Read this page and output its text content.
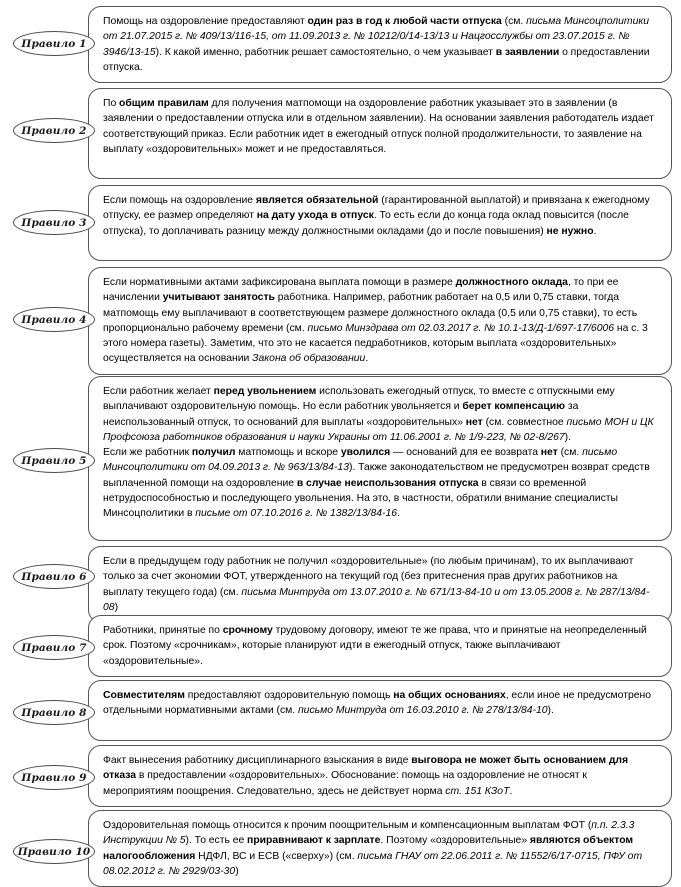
Помощь на оздоровление предоставляют один раз в год к любой части отпуска (см. письма Минсоцполитики от 21.07.2015 г. № 409/13/116-15, от 11.09.2013 г. № 10212/0/14-13/13 и Нацгосслужбы от 23.07.2015 г. № 3946/13-15). К какой именно, работник решает самостоятельно, о чем указывает в заявлении о предоставлении отпуска.

Правило 1

По общим правилам для получения матпомощи на оздоровление работник указывает это в заявлении (в заявлении о предоставлении отпуска или в отдельном заявлении). На основании заявления работодатель издает соответствующий приказ. Если работник идет в ежегодный отпуск полной продолжительности, то заявление на выплату «оздоровительных» может и не предоставляться.

Правило 2

Если помощь на оздоровление является обязательной (гарантированной выплатой) и привязана к ежегодному отпуску, ее размер определяют на дату ухода в отпуск. То есть если до конца года оклад повысится (после отпуска), то доплачивать разницу между должностными окладами (до и после повышения) не нужно.

Правило 3

Если нормативными актами зафиксирована выплата помощи в размере должностного оклада, то при ее начислении учитывают занятость работника. Например, работник работает на 0,5 или 0,75 ставки, тогда матпомощь ему выплачивают в соответствующем размере должностного оклада (0,5 или 0,75 ставки), то есть пропорционально рабочему времени (см. письмо Минздрава от 02.03.2017 г. № 10.1-13/Д-1/697-17/6006 на с. 3 этого номера газеты). Заметим, что это не касается педработников, которым выплата «оздоровительных» осуществляется на основании Закона об образовании.

Правило 4

Если работник желает перед увольнением использовать ежегодный отпуск, то вместе с отпускными ему выплачивают оздоровительную помощь. Но если работник увольняется и берет компенсацию за неиспользованный отпуск, то оснований для выплаты «оздоровительных» нет (см. совместное письмо МОН и ЦК Профсоюза работников образования и науки Украины от 11.06.2001 г. № 1/9-223, № 02-8/267).
Если же работник получил матпомощь и вскоре уволился — оснований для ее возврата нет (см. письмо Минсоцполитики от 04.09.2013 г. № 963/13/84-13). Также законодательством не предусмотрен возврат средств выплаченной помощи на оздоровление в случае неиспользования отпуска в связи со временной нетрудоспособностью и последующего увольнения. На это, в частности, обратили внимание специалисты Минсоцполитики в письме от 07.10.2016 г. № 1382/13/84-16.

Правило 5

Если в предыдущем году работник не получил «оздоровительные» (по любым причинам), то их выплачивают только за счет экономии ФОТ, утвержденного на текущий год (без притеснения прав других работников на выплату текущего года) (см. письма Минтруда от 13.07.2010 г. № 671/13-84-10 и от 13.05.2008 г. № 287/13/84-08)

Правило 6

Работники, принятые по срочному трудовому договору, имеют те же права, что и принятые на неопределенный срок. Поэтому «срочникам», которые планируют идти в ежегодный отпуск, также выплачивают «оздоровительные».

Правило 7

Совместителям предоставляют оздоровительную помощь на общих основаниях, если иное не предусмотрено отдельными нормативными актами (см. письмо Минтруда от 16.03.2010 г. № 278/13/84-10).

Правило 8

Факт вынесения работнику дисциплинарного взыскания в виде выговора не может быть основанием для отказа в предоставлении «оздоровительных». Обоснование: помощь на оздоровление не относят к мероприятиям поощрения. Следовательно, здесь не действует норма ст. 151 КЗоТ.

Правило 9

Оздоровительная помощь относится к прочим поощрительным и компенсационным выплатам ФОТ (п.п. 2.3.3 Инструкции № 5). То есть ее приравнивают к зарплате. Поэтому «оздоровительные» являются объектом налогообложения НДФЛ, ВС и ЕСВ («сверху») (см. письма ГНАУ от 22.06.2011 г. № 11552/6/17-0715, ПФУ от 08.02.2012 г. № 2929/03-30)

Правило 10
